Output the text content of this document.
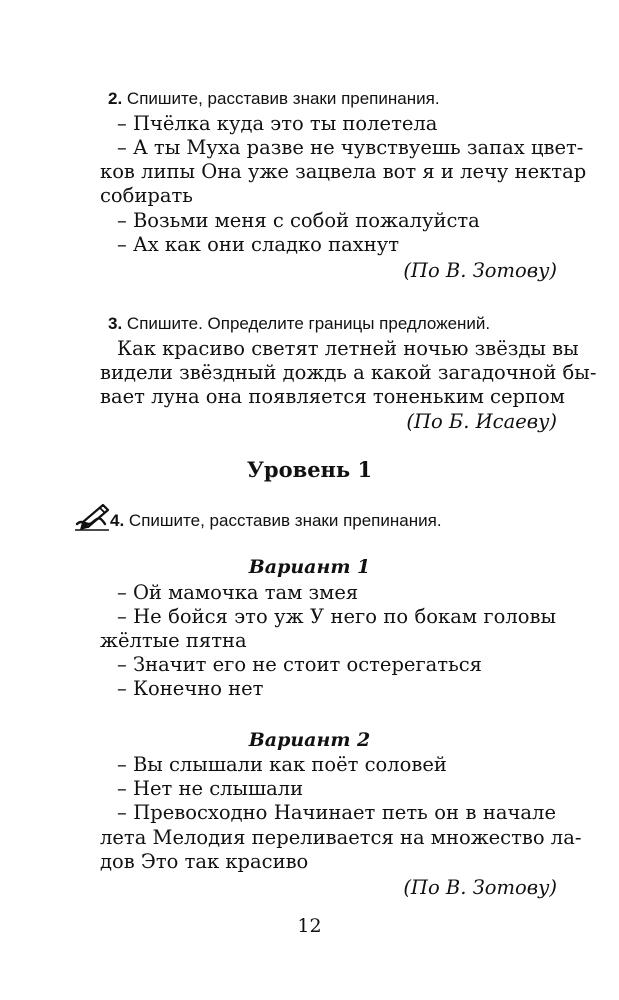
2. Спишите, расставив знаки препинания.
– Пчёлка куда это ты полетела
– А ты Муха разве не чувствуешь запах цвет-
ков липы Она уже зацвела вот я и лечу нектар
собирать
– Возьми меня с собой пожалуйста
– Ах как они сладко пахнут
(По В. Зотову)
3. Спишите. Определите границы предложений.
Как красиво светят летней ночью звёзды вы
видели звёздный дождь а какой загадочной бы-
вает луна она появляется тоненьким серпом
(По Б. Исаеву)
Уровень 1
4. Спишите, расставив знаки препинания.
Вариант 1
– Ой мамочка там змея
– Не бойся это уж У него по бокам головы
жёлтые пятна
– Значит его не стоит остерегаться
– Конечно нет
Вариант 2
– Вы слышали как поёт соловей
– Нет не слышали
– Превосходно Начинает петь он в начале
лета Мелодия переливается на множество ла-
дов Это так красиво
(По В. Зотову)
12
